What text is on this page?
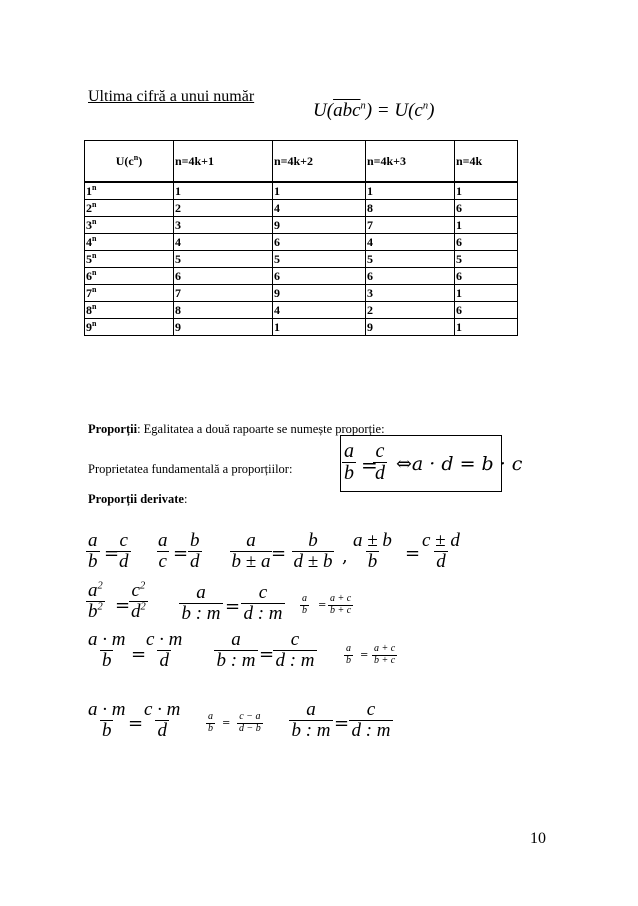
Ultima cifră a unui număr
$U(\overline{abc}^n) = U(c^n)$
$U(c^n)$	n=4k+1	n=4k+2	n=4k+3	n=4k
1$^n$	1	1	1	1
2$^n$	2	4	8	6
3$^n$	3	9	7	1
4$^n$	4	6	4	6
5$^n$	5	5	5	5
6$^n$	6	6	6	6
7$^n$	7	9	3	1
8$^n$	8	4	2	6
9$^n$	9	1	9	1
Proporții: Egalitatea a două rapoarte se numește proporție:
Proprietatea fundamentală a proporțiilor: $\frac{a}{b}$ =
$\frac{c}{d}$ ⇔a · d = b · c
Proporții derivate:
$\frac{a}{b}$ =
$\frac{c}{d} \frac{a}{c} = \frac{b}{d} \frac{a}{b \pm a}$
= $\frac{b}{d \pm b}$ , $\frac{a \pm b}{b} = \frac{c \pm d}{d}$
$\frac{a^2}{b^2}$ =
$\frac{c^2}{d^2} \frac{a}{b : m} = \frac{c}{d : m} \frac{a}{b} = \frac{a + c}{b + c}$
$\frac{a \cdot m}{b}$ =
$\frac{c \cdot m}{d} \frac{a}{b : m}$ =
$\frac{c}{d : m}$	$\frac{a}{b} = \frac{a + c}{b + c}$
$\frac{a \cdot m}{b}$ =
$\frac{c \cdot m}{d} \frac{a}{b} = \frac{c - a}{d - b} \frac{a}{b : m}$ =
$\frac{c}{d : m}$
10
